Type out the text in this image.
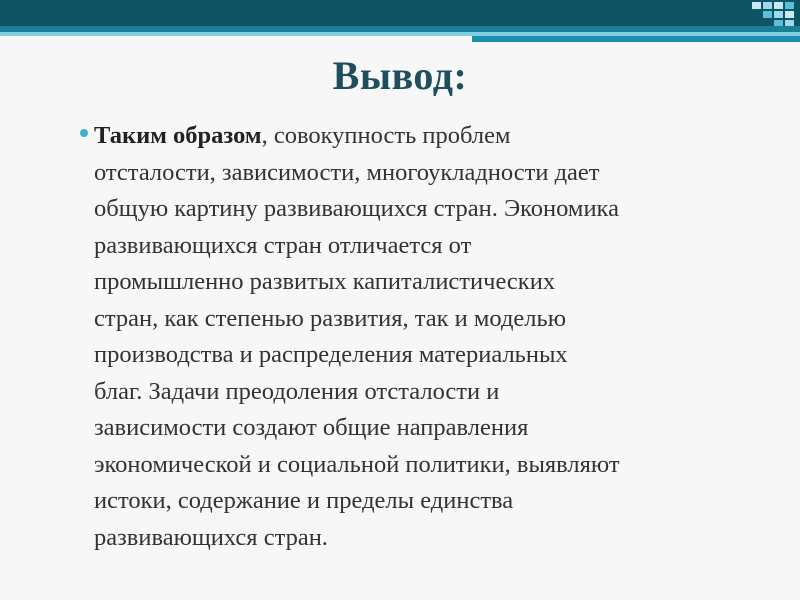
Вывод:

Таким образом, совокупность проблем
отсталости, зависимости, многоукладности дает
общую картину развивающихся стран. Экономика
развивающихся стран отличается от
промышленно развитых капиталистических
стран, как степенью развития, так и моделью
производства и распределения материальных
благ. Задачи преодоления отсталости и
зависимости создают общие направления
экономической и социальной политики, выявляют
истоки, содержание и пределы единства
развивающихся стран.
